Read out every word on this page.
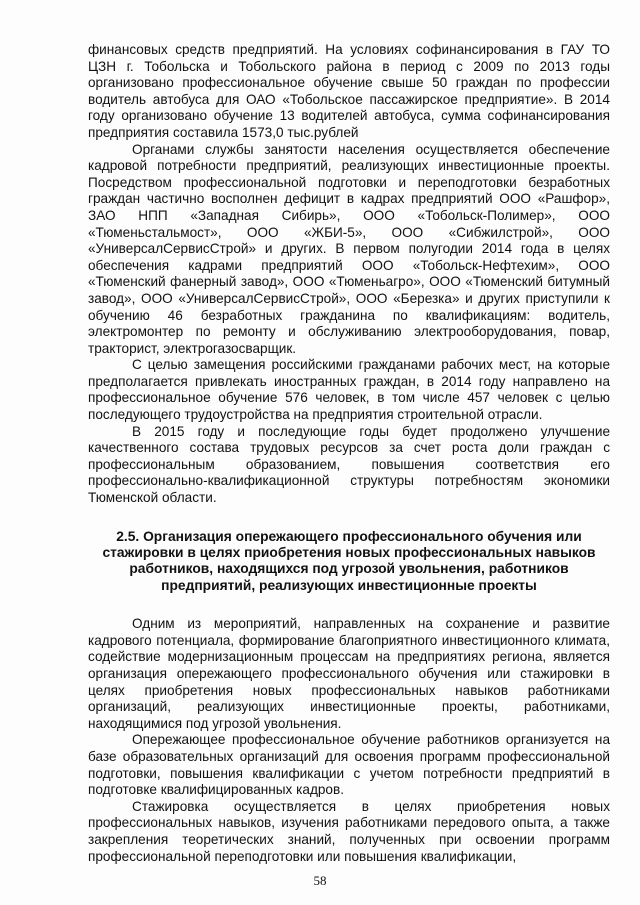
финансовых средств предприятий. На условиях софинансирования в ГАУ ТО ЦЗН г. Тобольска и Тобольского района в период с 2009 по 2013 годы организовано профессиональное обучение свыше 50 граждан по профессии водитель автобуса для ОАО «Тобольское пассажирское предприятие». В 2014 году организовано обучение 13 водителей автобуса, сумма софинансирования предприятия составила 1573,0 тыс.рублей

Органами службы занятости населения осуществляется обеспечение кадровой потребности предприятий, реализующих инвестиционные проекты. Посредством профессиональной подготовки и переподготовки безработных граждан частично восполнен дефицит в кадрах предприятий ООО «Рашфор», ЗАО НПП «Западная Сибирь», ООО «Тобольск-Полимер», ООО «Тюменьстальмост», ООО «ЖБИ-5», ООО «Сибжилстрой», ООО «УниверсалСервисСтрой» и других. В первом полугодии 2014 года в целях обеспечения кадрами предприятий ООО «Тобольск-Нефтехим», ООО «Тюменский фанерный завод», ООО «Тюменьагро», ООО «Тюменский битумный завод», ООО «УниверсалСервисСтрой», ООО «Березка» и других приступили к обучению 46 безработных гражданина по квалификациям: водитель, электромонтер по ремонту и обслуживанию электрооборудования, повар, тракторист, электрогазосварщик.

С целью замещения российскими гражданами рабочих мест, на которые предполагается привлекать иностранных граждан, в 2014 году направлено на профессиональное обучение 576 человек, в том числе 457 человек с целью последующего трудоустройства на предприятия строительной отрасли.

В 2015 году и последующие годы будет продолжено улучшение качественного состава трудовых ресурсов за счет роста доли граждан с профессиональным образованием, повышения соответствия его профессионально-квалификационной структуры потребностям экономики Тюменской области.

2.5. Организация опережающего профессионального обучения или стажировки в целях приобретения новых профессиональных навыков работников, находящихся под угрозой увольнения, работников предприятий, реализующих инвестиционные проекты

Одним из мероприятий, направленных на сохранение и развитие кадрового потенциала, формирование благоприятного инвестиционного климата, содействие модернизационным процессам на предприятиях региона, является организация опережающего профессионального обучения или стажировки в целях приобретения новых профессиональных навыков работниками организаций, реализующих инвестиционные проекты, работниками, находящимися под угрозой увольнения.

Опережающее профессиональное обучение работников организуется на базе образовательных организаций для освоения программ профессиональной подготовки, повышения квалификации с учетом потребности предприятий в подготовке квалифицированных кадров.

Стажировка осуществляется в целях приобретения новых профессиональных навыков, изучения работниками передового опыта, а также закрепления теоретических знаний, полученных при освоении программ профессиональной переподготовки или повышения квалификации,

58
